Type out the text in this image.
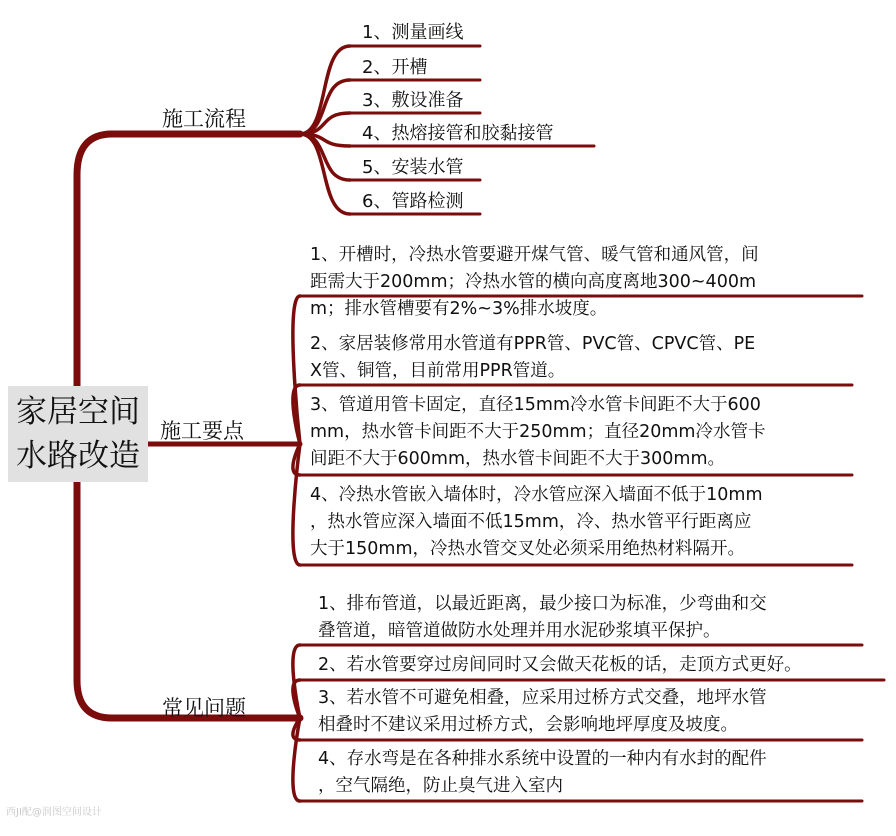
家居空间
水路改造
施工流程
施工要点
常见问题
1、测量画线
2、开槽
3、敷设准备
4、热熔接管和胶黏接管
5、安装水管
6、管路检测
1、开槽时，冷热水管要避开煤气管、暖气管和通风管，间
距需大于200mm；冷热水管的横向高度离地300~400m
m；排水管槽要有2%~3%排水坡度。
2、家居装修常用水管道有PPR管、PVC管、CPVC管、PE
X管、铜管，目前常用PPR管道。
3、管道用管卡固定，直径15mm冷水管卡间距不大于600
mm，热水管卡间距不大于250mm；直径20mm冷水管卡
间距不大于600mm，热水管卡间距不大于300mm。
4、冷热水管嵌入墙体时，冷水管应深入墙面不低于10mm
，热水管应深入墙面不低15mm，冷、热水管平行距离应
大于150mm，冷热水管交叉处必须采用绝热材料隔开。
1、排布管道，以最近距离，最少接口为标准，少弯曲和交
叠管道，暗管道做防水处理并用水泥砂浆填平保护。
2、若水管要穿过房间同时又会做天花板的话，走顶方式更好。
3、若水管不可避免相叠，应采用过桥方式交叠，地坪水管
相叠时不建议采用过桥方式，会影响地坪厚度及坡度。
4、存水弯是在各种排水系统中设置的一种内有水封的配件
，空气隔绝，防止臭气进入室内
西JI配@润图空间设计
